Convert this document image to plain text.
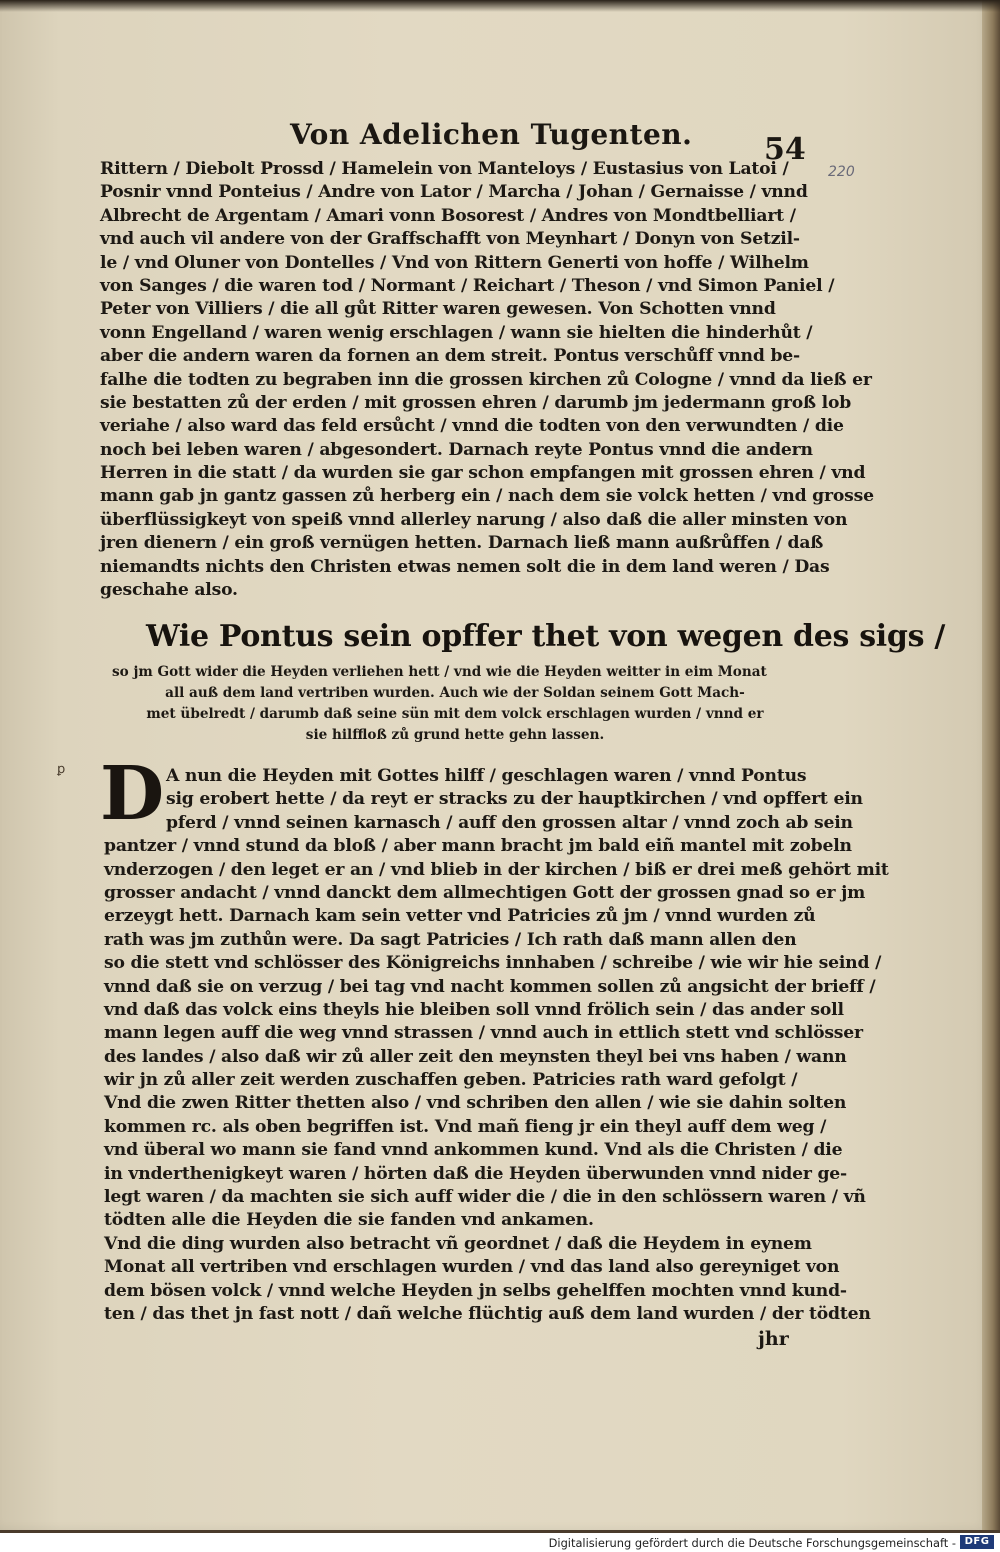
Von Adelichen Tugenten. 54
220
Rittern / Diebolt Prossd / Hamelein von Manteloys / Eustasius von Latoi /
Posnir vnnd Ponteius / Andre von Lator / Marcha / Johan / Gernaisse / vnnd
Albrecht de Argentam / Amari vonn Bosorest / Andres von Mondtbelliart /
vnd auch vil andere von der Graffschafft von Meynhart / Donyn von Setzil-
le / vnd Oluner von Dontelles / Vnd von Rittern Generti von hoffe / Wilhelm
von Sanges / die waren tod / Normant / Reichart / Theson / vnd Simon Paniel /
Peter von Villiers / die all gůt Ritter waren gewesen. Von Schotten vnnd
vonn Engelland / waren wenig erschlagen / wann sie hielten die hinderhůt /
aber die andern waren da fornen an dem streit. Pontus verschůff vnnd be-
falhe die todten zu begraben inn die grossen kirchen zů Cologne / vnnd da ließ er
sie bestatten zů der erden / mit grossen ehren / darumb jm jedermann groß lob
veriahe / also ward das feld ersůcht / vnnd die todten von den verwundten / die
noch bei leben waren / abgesondert. Darnach reyte Pontus vnnd die andern
Herren in die statt / da wurden sie gar schon empfangen mit grossen ehren / vnd
mann gab jn gantz gassen zů herberg ein / nach dem sie volck hetten / vnd grosse
überflüssigkeyt von speiß vnnd allerley narung / also daß die aller minsten von
jren dienern / ein groß vernügen hetten. Darnach ließ mann außrůffen / daß
niemandts nichts den Christen etwas nemen solt die in dem land weren / Das
geschahe also.
Wie Pontus sein opffer thet von wegen des sigs /
so jm Gott wider die Heyden verliehen hett / vnd wie die Heyden weitter in eim Monat
all auß dem land vertriben wurden. Auch wie der Soldan seinem Gott Mach-
met übelredt / darumb daß seine sün mit dem volck erschlagen wurden / vnnd er
sie hilffloß zů grund hette gehn lassen.
ꝑ D A nun die Heyden mit Gottes hilff / geschlagen waren / vnnd Pontus
sig erobert hette / da reyt er stracks zu der hauptkirchen / vnd opffert ein
pferd / vnnd seinen karnasch / auff den grossen altar / vnnd zoch ab sein
pantzer / vnnd stund da bloß / aber mann bracht jm bald eiñ mantel mit zobeln
vnderzogen / den leget er an / vnd blieb in der kirchen / biß er drei meß gehört mit
grosser andacht / vnnd danckt dem allmechtigen Gott der grossen gnad so er jm
erzeygt hett. Darnach kam sein vetter vnd Patricies zů jm / vnnd wurden zů
rath was jm zuthůn were. Da sagt Patricies / Ich rath daß mann allen den
so die stett vnd schlösser des Königreichs innhaben / schreibe / wie wir hie seind /
vnnd daß sie on verzug / bei tag vnd nacht kommen sollen zů angsicht der brieff /
vnd daß das volck eins theyls hie bleiben soll vnnd frölich sein / das ander soll
mann legen auff die weg vnnd strassen / vnnd auch in ettlich stett vnd schlösser
des landes / also daß wir zů aller zeit den meynsten theyl bei vns haben / wann
wir jn zů aller zeit werden zuschaffen geben. Patricies rath ward gefolgt /
Vnd die zwen Ritter thetten also / vnd schriben den allen / wie sie dahin solten
kommen rc. als oben begriffen ist. Vnd mañ fieng jr ein theyl auff dem weg /
vnd überal wo mann sie fand vnnd ankommen kund. Vnd als die Christen / die
in vnderthenigkeyt waren / hörten daß die Heyden überwunden vnnd nider ge-
legt waren / da machten sie sich auff wider die / die in den schlössern waren / vñ
tödten alle die Heyden die sie fanden vnd ankamen.
Vnd die ding wurden also betracht vñ geordnet / daß die Heydem in eynem
Monat all vertriben vnd erschlagen wurden / vnd das land also gereyniget von
dem bösen volck / vnnd welche Heyden jn selbs gehelffen mochten vnnd kund-
ten / das thet jn fast nott / dañ welche flüchtig auß dem land wurden / der tödten
jhr
Digitalisierung gefördert durch die Deutsche Forschungsgemeinschaft - DFG
